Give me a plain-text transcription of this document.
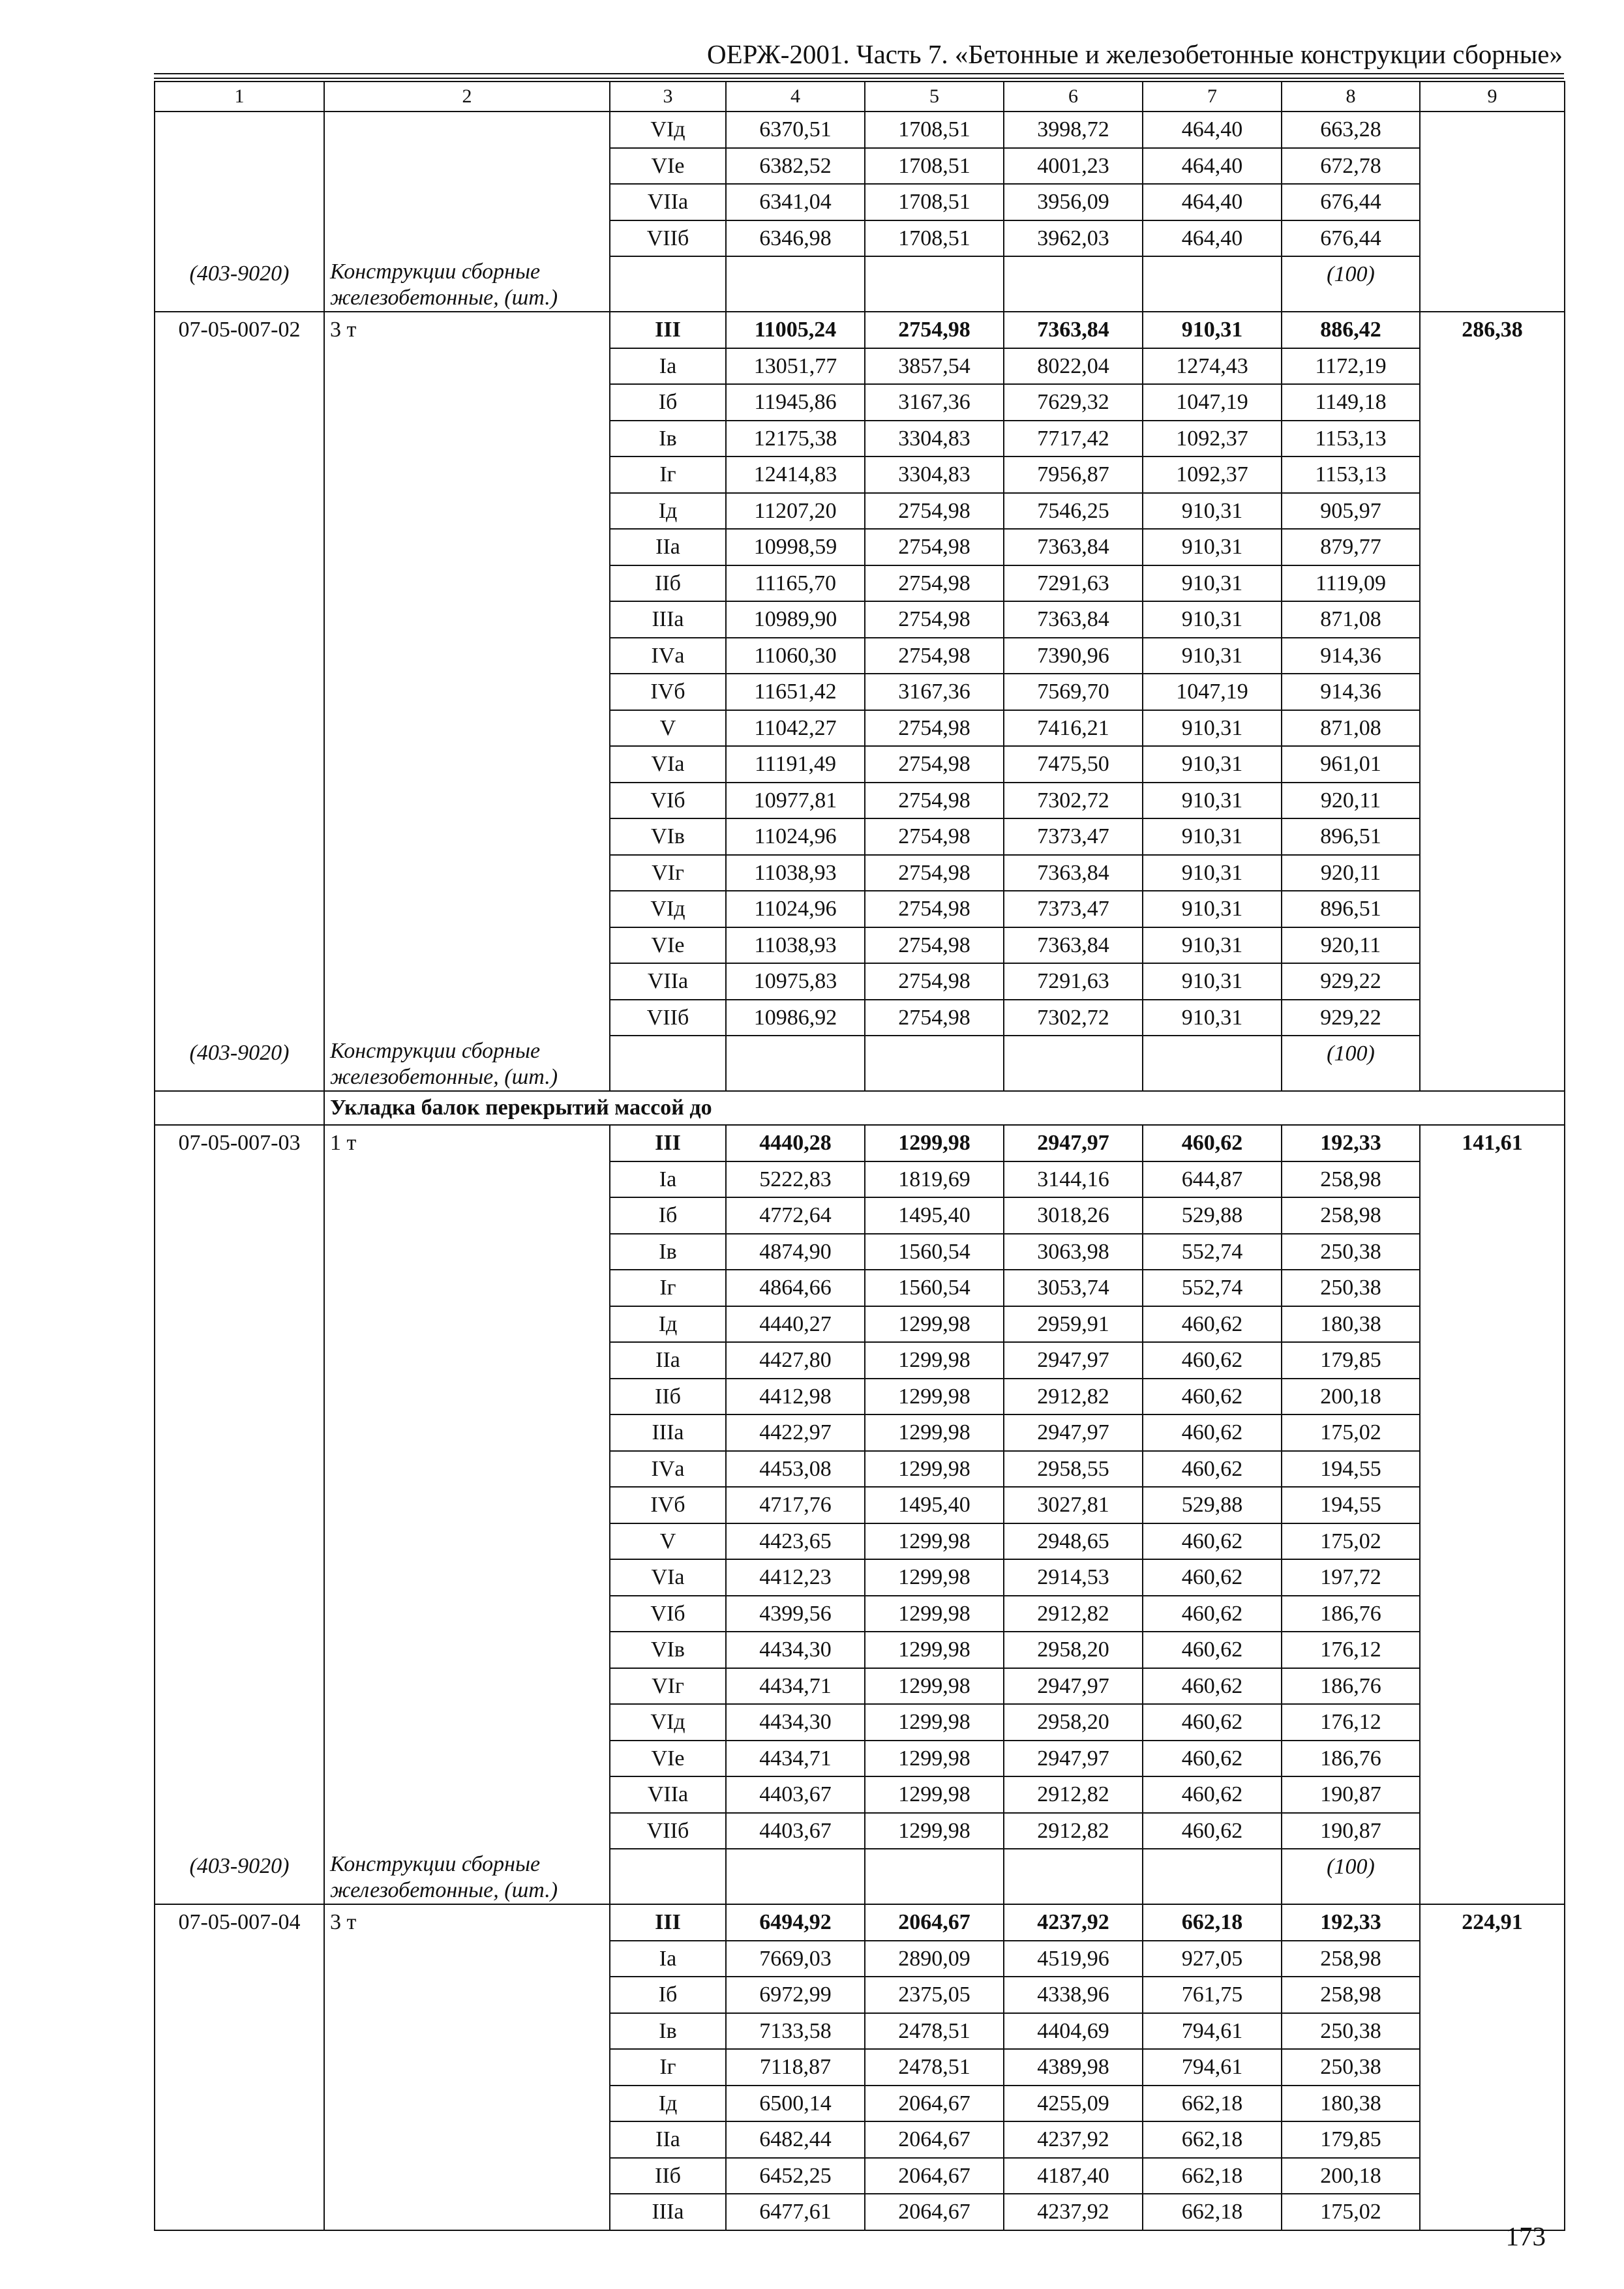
ОЕРЖ-2001. Часть 7. «Бетонные и железобетонные конструкции сборные»
1	2	3	4	5	6	7	8	9
		VIд	6370,51	1708,51	3998,72	464,40	663,28	
		VIе	6382,52	1708,51	4001,23	464,40	672,78	
		VIIа	6341,04	1708,51	3956,09	464,40	676,44	
		VIIб	6346,98	1708,51	3962,03	464,40	676,44	
(403-9020)	Конструкции сборные железобетонные, (шт.)						(100)	
07-05-007-02	3 т	III	11005,24	2754,98	7363,84	910,31	886,42	286,38
		Iа	13051,77	3857,54	8022,04	1274,43	1172,19	
		Iб	11945,86	3167,36	7629,32	1047,19	1149,18	
		Iв	12175,38	3304,83	7717,42	1092,37	1153,13	
		Iг	12414,83	3304,83	7956,87	1092,37	1153,13	
		Iд	11207,20	2754,98	7546,25	910,31	905,97	
		IIа	10998,59	2754,98	7363,84	910,31	879,77	
		IIб	11165,70	2754,98	7291,63	910,31	1119,09	
		IIIа	10989,90	2754,98	7363,84	910,31	871,08	
		IVа	11060,30	2754,98	7390,96	910,31	914,36	
		IVб	11651,42	3167,36	7569,70	1047,19	914,36	
		V	11042,27	2754,98	7416,21	910,31	871,08	
		VIа	11191,49	2754,98	7475,50	910,31	961,01	
		VIб	10977,81	2754,98	7302,72	910,31	920,11	
		VIв	11024,96	2754,98	7373,47	910,31	896,51	
		VIг	11038,93	2754,98	7363,84	910,31	920,11	
		VIд	11024,96	2754,98	7373,47	910,31	896,51	
		VIе	11038,93	2754,98	7363,84	910,31	920,11	
		VIIа	10975,83	2754,98	7291,63	910,31	929,22	
		VIIб	10986,92	2754,98	7302,72	910,31	929,22	
(403-9020)	Конструкции сборные железобетонные, (шт.)						(100)	
	Укладка балок перекрытий массой до							
07-05-007-03	1 т	III	4440,28	1299,98	2947,97	460,62	192,33	141,61
		Iа	5222,83	1819,69	3144,16	644,87	258,98	
		Iб	4772,64	1495,40	3018,26	529,88	258,98	
		Iв	4874,90	1560,54	3063,98	552,74	250,38	
		Iг	4864,66	1560,54	3053,74	552,74	250,38	
		Iд	4440,27	1299,98	2959,91	460,62	180,38	
		IIа	4427,80	1299,98	2947,97	460,62	179,85	
		IIб	4412,98	1299,98	2912,82	460,62	200,18	
		IIIа	4422,97	1299,98	2947,97	460,62	175,02	
		IVа	4453,08	1299,98	2958,55	460,62	194,55	
		IVб	4717,76	1495,40	3027,81	529,88	194,55	
		V	4423,65	1299,98	2948,65	460,62	175,02	
		VIа	4412,23	1299,98	2914,53	460,62	197,72	
		VIб	4399,56	1299,98	2912,82	460,62	186,76	
		VIв	4434,30	1299,98	2958,20	460,62	176,12	
		VIг	4434,71	1299,98	2947,97	460,62	186,76	
		VIд	4434,30	1299,98	2958,20	460,62	176,12	
		VIе	4434,71	1299,98	2947,97	460,62	186,76	
		VIIа	4403,67	1299,98	2912,82	460,62	190,87	
		VIIб	4403,67	1299,98	2912,82	460,62	190,87	
(403-9020)	Конструкции сборные железобетонные, (шт.)						(100)	
07-05-007-04	3 т	III	6494,92	2064,67	4237,92	662,18	192,33	224,91
		Iа	7669,03	2890,09	4519,96	927,05	258,98	
		Iб	6972,99	2375,05	4338,96	761,75	258,98	
		Iв	7133,58	2478,51	4404,69	794,61	250,38	
		Iг	7118,87	2478,51	4389,98	794,61	250,38	
		Iд	6500,14	2064,67	4255,09	662,18	180,38	
		IIа	6482,44	2064,67	4237,92	662,18	179,85	
		IIб	6452,25	2064,67	4187,40	662,18	200,18	
		IIIа	6477,61	2064,67	4237,92	662,18	175,02	
173
